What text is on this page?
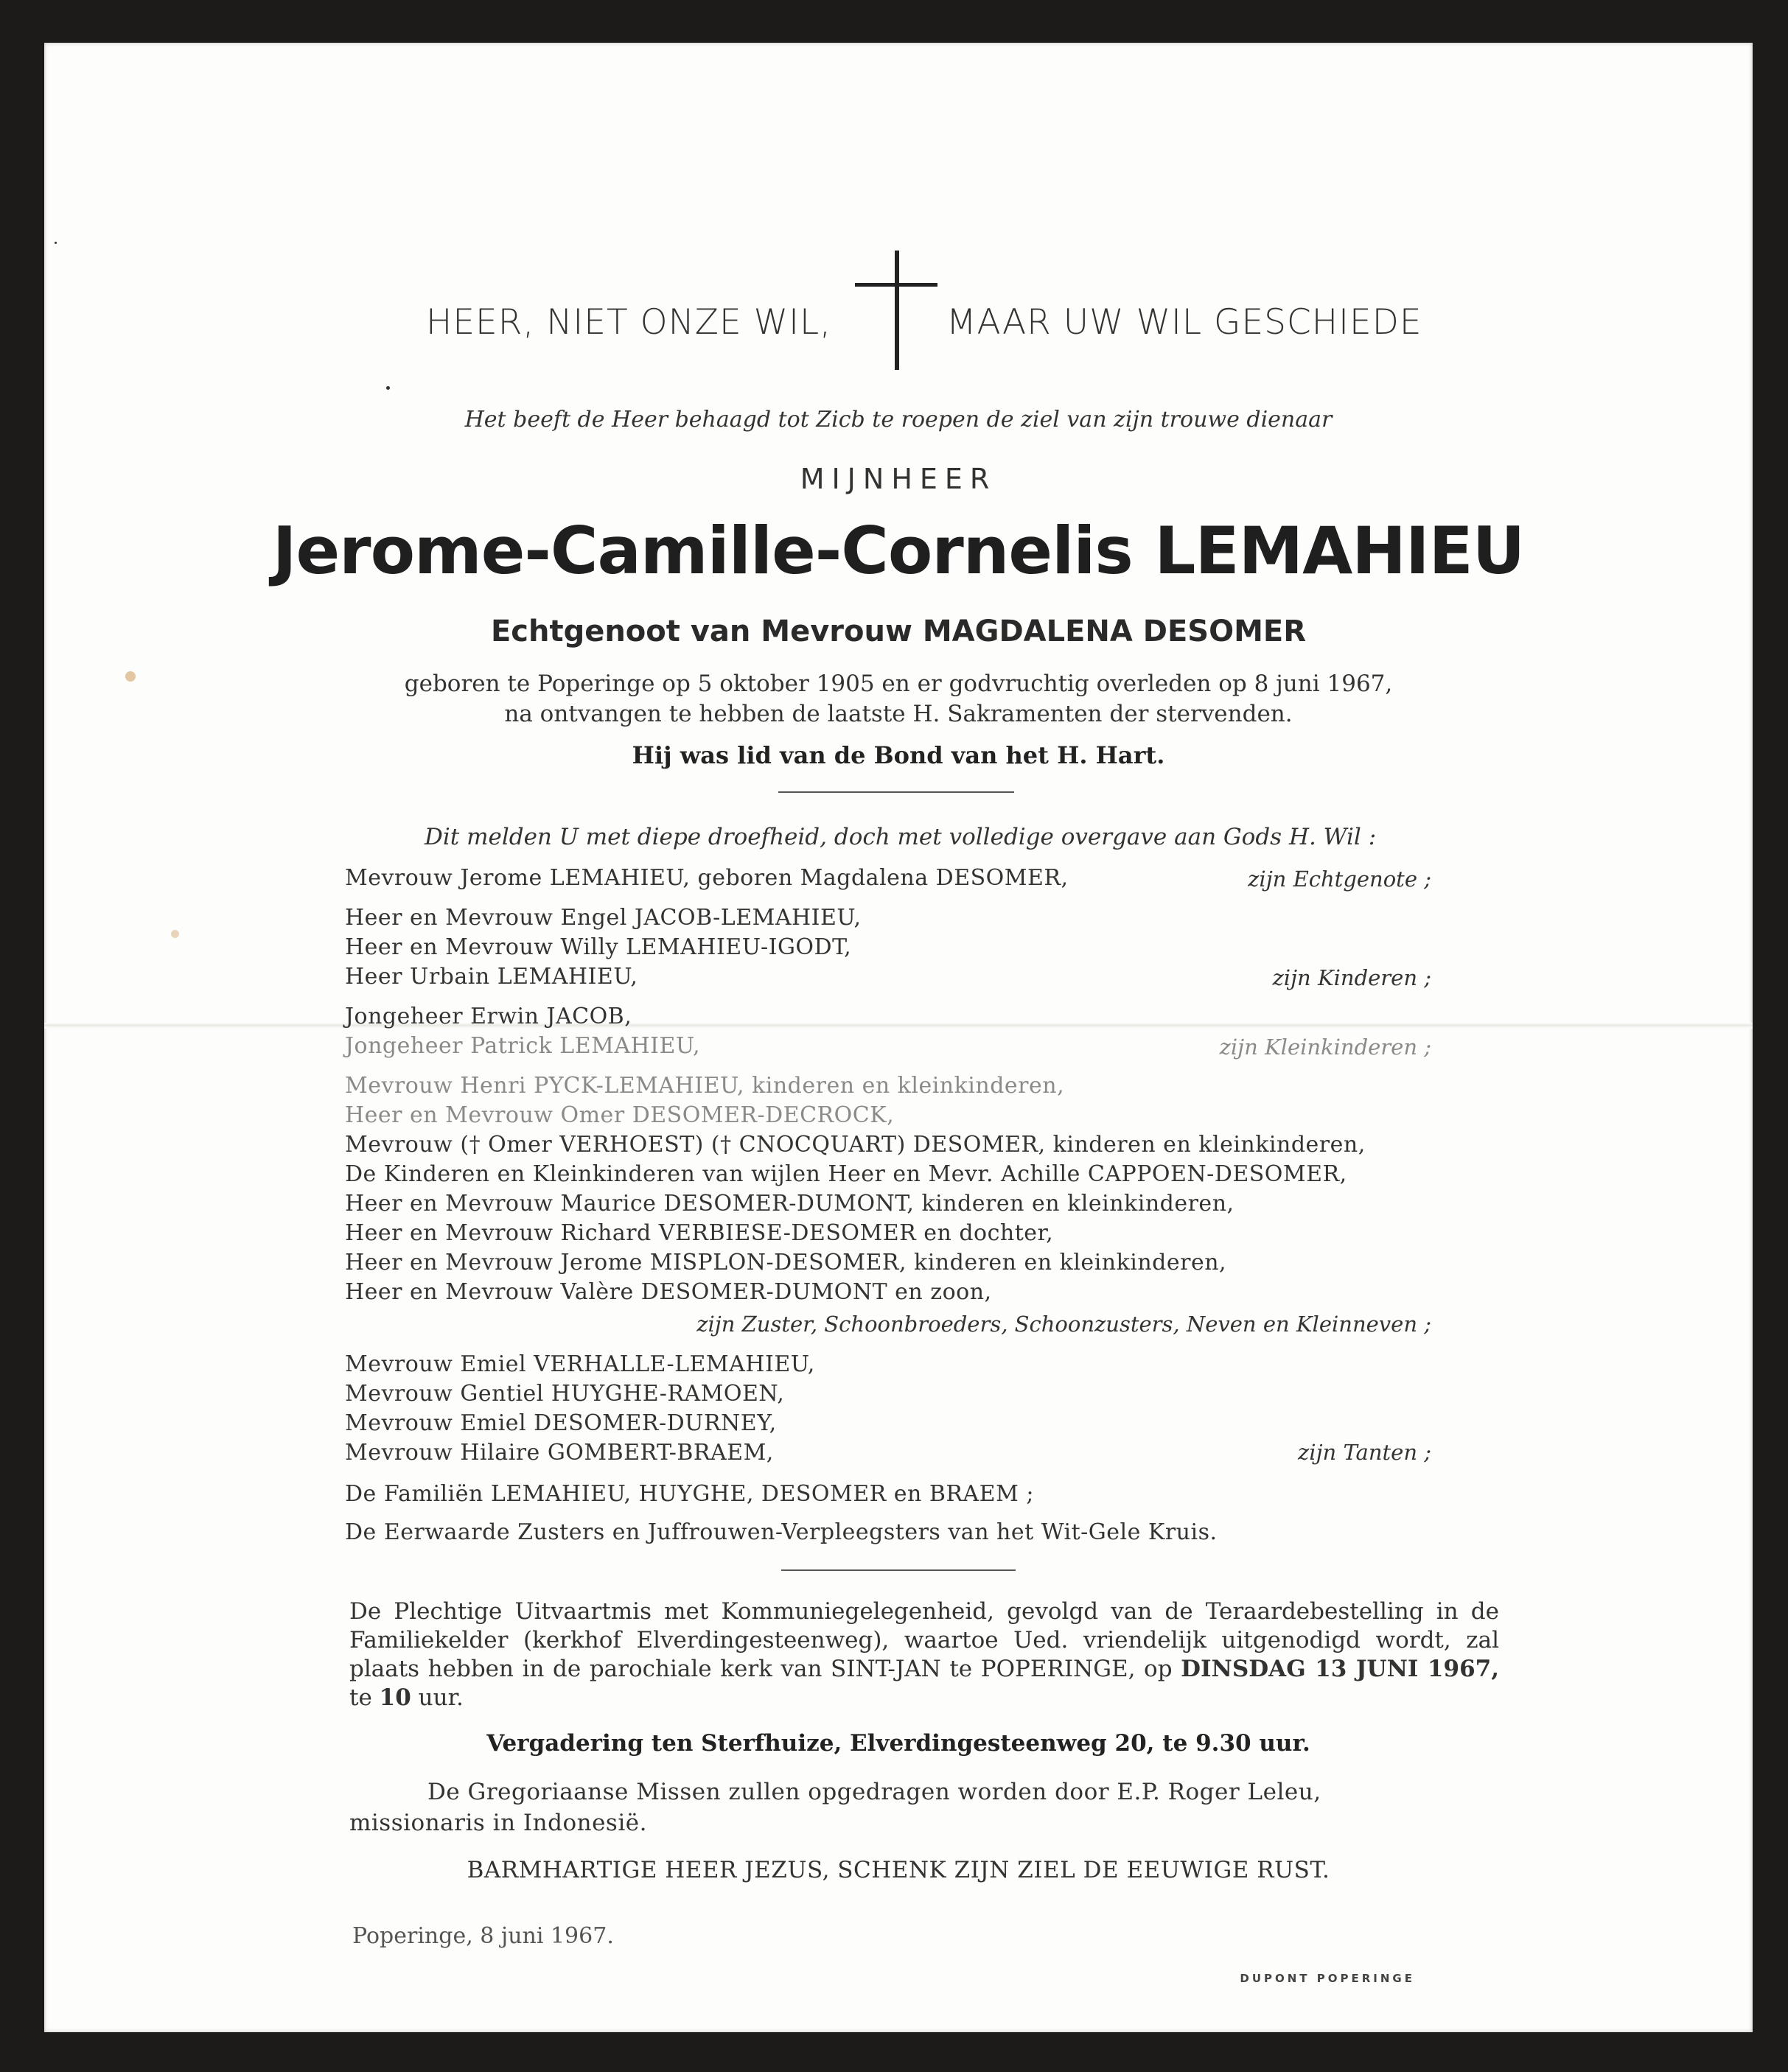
HEER, NIET ONZE WIL,	MAAR UW WIL GESCHIEDE
Het beeft de Heer behaagd tot Zicb te roepen de ziel van zijn trouwe dienaar
MIJNHEER
Jerome-Camille-Cornelis LEMAHIEU
Echtgenoot van Mevrouw MAGDALENA DESOMER
geboren te Poperinge op 5 oktober 1905 en er godvruchtig overleden op 8 juni 1967,
na ontvangen te hebben de laatste H. Sakramenten der stervenden.
Hij was lid van de Bond van het H. Hart.
Dit melden U met diepe droefheid, doch met volledige overgave aan Gods H. Wil :
Mevrouw Jerome LEMAHIEU, geboren Magdalena DESOMER,	zijn Echtgenote ;
Heer en Mevrouw Engel JACOB-LEMAHIEU,
Heer en Mevrouw Willy LEMAHIEU-IGODT,
Heer Urbain LEMAHIEU,	zijn Kinderen ;
Jongeheer Erwin JACOB,
Jongeheer Patrick LEMAHIEU,	zijn Kleinkinderen ;
Mevrouw Henri PYCK-LEMAHIEU, kinderen en kleinkinderen,
Heer en Mevrouw Omer DESOMER-DECROCK,
Mevrouw († Omer VERHOEST) († CNOCQUART) DESOMER, kinderen en kleinkinderen,
De Kinderen en Kleinkinderen van wijlen Heer en Mevr. Achille CAPPOEN-DESOMER,
Heer en Mevrouw Maurice DESOMER-DUMONT, kinderen en kleinkinderen,
Heer en Mevrouw Richard VERBIESE-DESOMER en dochter,
Heer en Mevrouw Jerome MISPLON-DESOMER, kinderen en kleinkinderen,
Heer en Mevrouw Valère DESOMER-DUMONT en zoon,
zijn Zuster, Schoonbroeders, Schoonzusters, Neven en Kleinneven ;
Mevrouw Emiel VERHALLE-LEMAHIEU,
Mevrouw Gentiel HUYGHE-RAMOEN,
Mevrouw Emiel DESOMER-DURNEY,
Mevrouw Hilaire GOMBERT-BRAEM,	zijn Tanten ;
De Familiën LEMAHIEU, HUYGHE, DESOMER en BRAEM ;
De Eerwaarde Zusters en Juffrouwen-Verpleegsters van het Wit-Gele Kruis.
De Plechtige Uitvaartmis met Kommuniegelegenheid, gevolgd van de Teraardebestelling in de Familiekelder (kerkhof Elverdingesteenweg), waartoe Ued. vriendelijk uitgenodigd wordt, zal plaats hebben in de parochiale kerk van SINT-JAN te POPERINGE, op DINSDAG 13 JUNI 1967, te 10 uur.
Vergadering ten Sterfhuize, Elverdingesteenweg 20, te 9.30 uur.
De Gregoriaanse Missen zullen opgedragen worden door E.P. Roger Leleu,
missionaris in Indonesië.
BARMHARTIGE HEER JEZUS, SCHENK ZIJN ZIEL DE EEUWIGE RUST.
Poperinge, 8 juni 1967.
DUPONT POPERINGE
